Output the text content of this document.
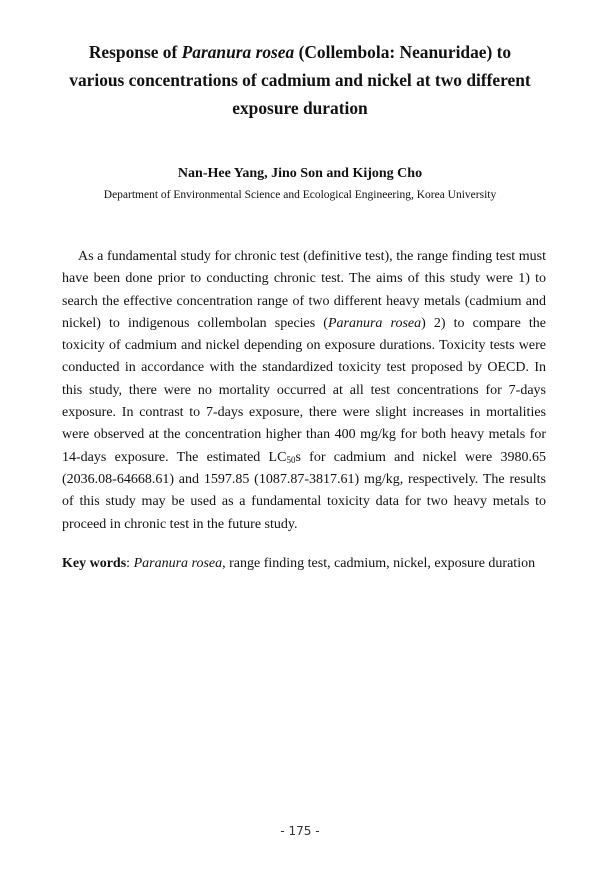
Response of Paranura rosea (Collembola: Neanuridae) to various concentrations of cadmium and nickel at two different exposure duration
Nan-Hee Yang, Jino Son and Kijong Cho
Department of Environmental Science and Ecological Engineering, Korea University

As a fundamental study for chronic test (definitive test), the range finding test must have been done prior to conducting chronic test. The aims of this study were 1) to search the effective concentration range of two different heavy metals (cadmium and nickel) to indigenous collembolan species (Paranura rosea) 2) to compare the toxicity of cadmium and nickel depending on exposure durations. Toxicity tests were conducted in accordance with the standardized toxicity test proposed by OECD. In this study, there were no mortality occurred at all test concentrations for 7-days exposure. In contrast to 7-days exposure, there were slight increases in mortalities were observed at the concentration higher than 400 mg/kg for both heavy metals for 14-days exposure. The estimated $LC_{50}s$ for cadmium and nickel were 3980.65 (2036.08-64668.61) and 1597.85 (1087.87-3817.61) mg/kg, respectively. The results of this study may be used as a fundamental toxicity data for two heavy metals to proceed in chronic test in the future study.

Key words: Paranura rosea, range finding test, cadmium, nickel, exposure duration
- 175 -
